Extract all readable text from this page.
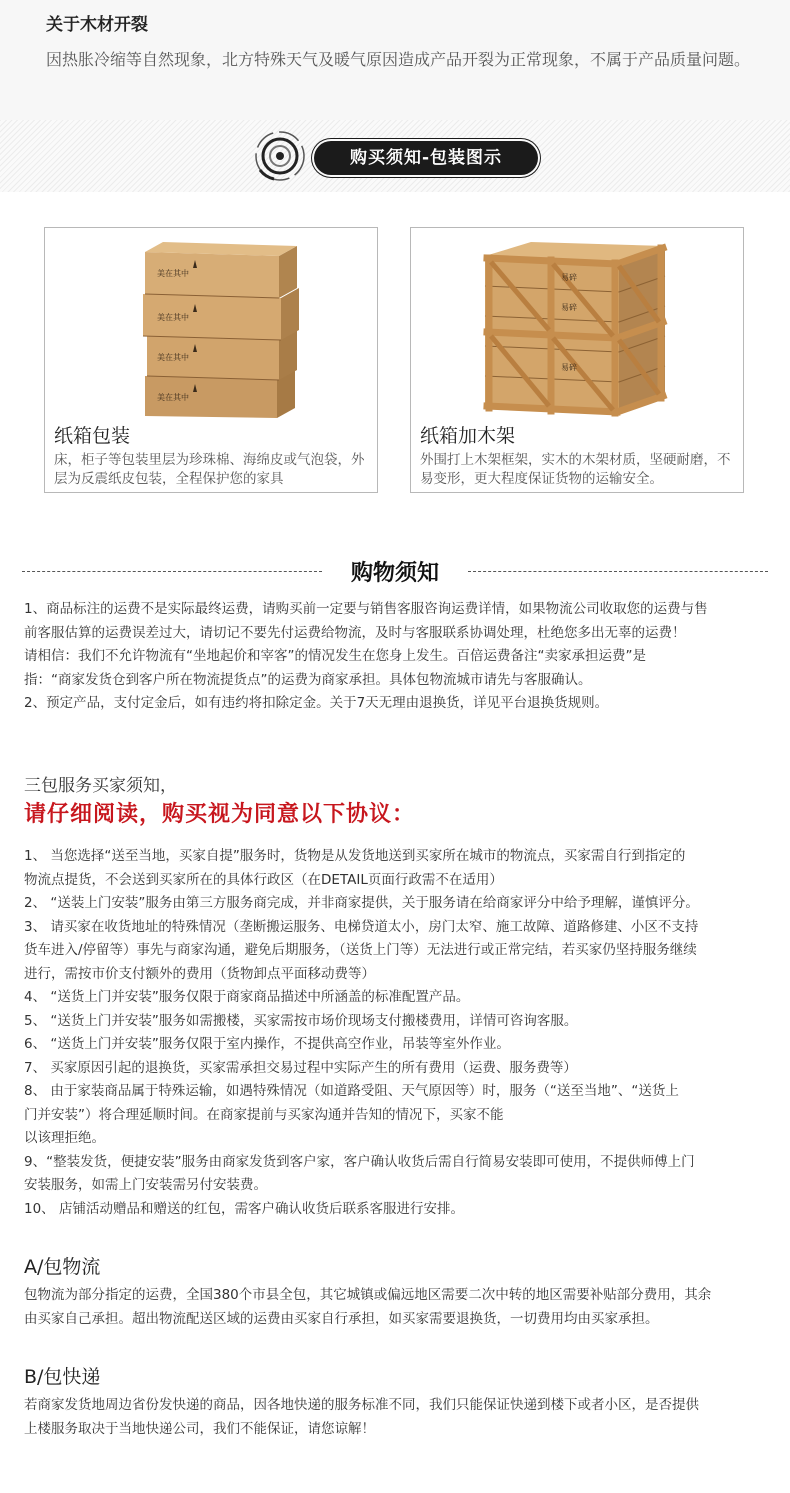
关于木材开裂

因热胀冷缩等自然现象，北方特殊天气及暖气原因造成产品开裂为正常现象，不属于产品质量问题。

购买须知-包装图示
美在其中
美在其中
美在其中
美在其中
纸箱包装
床，柜子等包装里层为珍珠棉、海绵皮或气泡袋，外层为反震纸皮包装，全程保护您的家具
易碎
易碎
易碎
纸箱加木架
外围打上木架框架，实木的木架材质，坚硬耐磨，不易变形，更大程度保证货物的运输安全。
购物须知
1、商品标注的运费不是实际最终运费，请购买前一定要与销售客服咨询运费详情，如果物流公司收取您的运费与售
前客服估算的运费误差过大，请切记不要先付运费给物流，及时与客服联系协调处理，杜绝您多出无辜的运费！
请相信：我们不允许物流有“坐地起价和宰客”的情况发生在您身上发生。百倍运费备注“卖家承担运费”是
指：“商家发货仓到客户所在物流提货点”的运费为商家承担。具体包物流城市请先与客服确认。
2、预定产品，支付定金后，如有违约将扣除定金。关于7天无理由退换货，详见平台退换货规则。
三包服务买家须知，
请仔细阅读，购买视为同意以下协议：
1、 当您选择“送至当地，买家自提”服务时，货物是从发货地送到买家所在城市的物流点，买家需自行到指定的
物流点提货，不会送到买家所在的具体行政区（在DETAIL页面行政需不在适用）
2、 “送装上门安装”服务由第三方服务商完成，并非商家提供，关于服务请在给商家评分中给予理解，谨慎评分。
3、 请买家在收货地址的特殊情况（垄断搬运服务、电梯贷道太小，房门太窄、施工故障、道路修建、小区不支持
货车进入/停留等）事先与商家沟通，避免后期服务，（送货上门等）无法进行或正常完结，若买家仍坚持服务继续
进行，需按市价支付额外的费用（货物卸点平面移动费等）
4、 “送货上门并安装”服务仅限于商家商品描述中所涵盖的标准配置产品。
5、 “送货上门并安装”服务如需搬楼，买家需按市场价现场支付搬楼费用，详情可咨询客服。
6、 “送货上门并安装”服务仅限于室内操作，不提供高空作业，吊装等室外作业。
7、 买家原因引起的退换货，买家需承担交易过程中实际产生的所有费用（运费、服务费等）
8、 由于家装商品属于特殊运输，如遇特殊情况（如道路受阻、天气原因等）时，服务（“送至当地”、“送货上
门并安装”）将合理延顺时间。在商家提前与买家沟通并告知的情况下，买家不能
以该理拒绝。
9、“整装发货，便捷安装”服务由商家发货到客户家，客户确认收货后需自行简易安装即可使用，不提供师傅上门
安装服务，如需上门安装需另付安装费。
10、 店铺活动赠品和赠送的红包，需客户确认收货后联系客服进行安排。
A/包物流
包物流为部分指定的运费，全国380个市县全包，其它城镇或偏远地区需要二次中转的地区需要补贴部分费用，其余
由买家自己承担。超出物流配送区域的运费由买家自行承担，如买家需要退换货，一切费用均由买家承担。
B/包快递
若商家发货地周边省份发快递的商品，因各地快递的服务标准不同，我们只能保证快递到楼下或者小区，是否提供
上楼服务取决于当地快递公司，我们不能保证，请您谅解！
